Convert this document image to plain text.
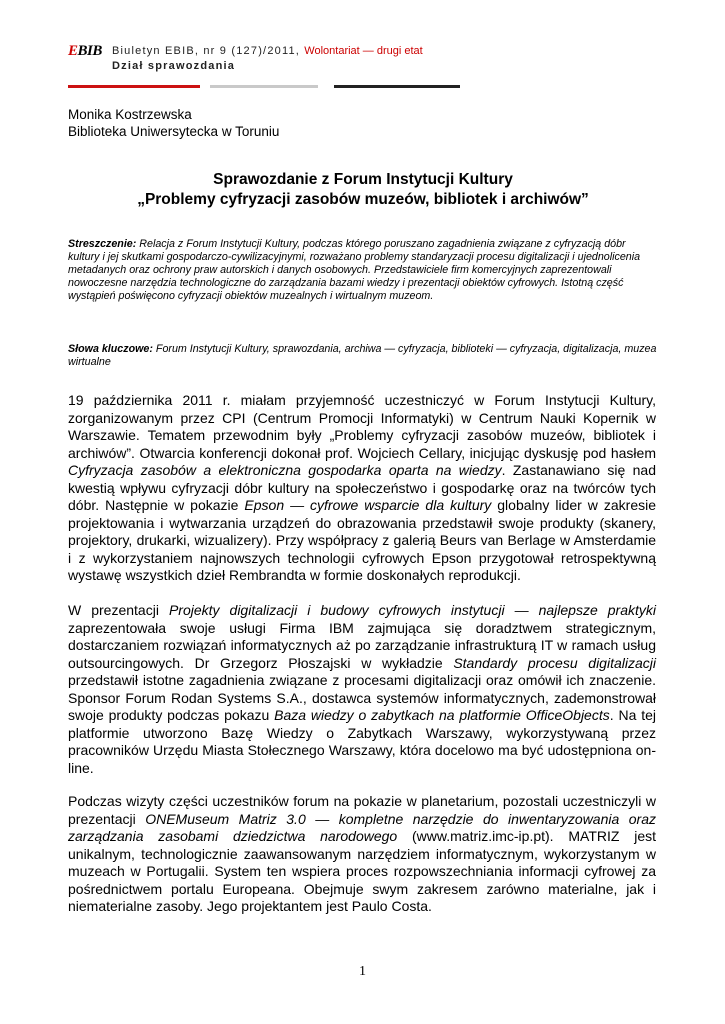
EBIB Biuletyn EBIB, nr 9 (127)/2011, Wolontariat — drugi etat
Dział sprawozdania
Monika Kostrzewska
Biblioteka Uniwersytecka w Toruniu
Sprawozdanie z Forum Instytucji Kultury
„Problemy cyfryzacji zasobów muzeów, bibliotek i archiwów”

Streszczenie: Relacja z Forum Instytucji Kultury, podczas którego poruszano zagadnienia związane z cyfryzacją dóbr kultury i jej skutkami gospodarczo-cywilizacyjnymi, rozważano problemy standaryzacji procesu digitalizacji i ujednolicenia metadanych oraz ochrony praw autorskich i danych osobowych. Przedstawiciele firm komercyjnych zaprezentowali nowoczesne narzędzia technologiczne do zarządzania bazami wiedzy i prezentacji obiektów cyfrowych. Istotną część wystąpień poświęcono cyfryzacji obiektów muzealnych i wirtualnym muzeom.

Słowa kluczowe: Forum Instytucji Kultury, sprawozdania, archiwa — cyfryzacja, biblioteki — cyfryzacja, digitalizacja, muzea wirtualne

19 października 2011 r. miałam przyjemność uczestniczyć w Forum Instytucji Kultury, zorganizowanym przez CPI (Centrum Promocji Informatyki) w Centrum Nauki Kopernik w Warszawie. Tematem przewodnim były „Problemy cyfryzacji zasobów muzeów, bibliotek i archiwów”. Otwarcia konferencji dokonał prof. Wojciech Cellary, inicjując dyskusję pod hasłem Cyfryzacja zasobów a elektroniczna gospodarka oparta na wiedzy. Zastanawiano się nad kwestią wpływu cyfryzacji dóbr kultury na społeczeństwo i gospodarkę oraz na twórców tych dóbr. Następnie w pokazie Epson — cyfrowe wsparcie dla kultury globalny lider w zakresie projektowania i wytwarzania urządzeń do obrazowania przedstawił swoje produkty (skanery, projektory, drukarki, wizualizery). Przy współpracy z galerią Beurs van Berlage w Amsterdamie i z wykorzystaniem najnowszych technologii cyfrowych Epson przygotował retrospektywną wystawę wszystkich dzieł Rembrandta w formie doskonałych reprodukcji.

W prezentacji Projekty digitalizacji i budowy cyfrowych instytucji — najlepsze praktyki zaprezentowała swoje usługi Firma IBM zajmująca się doradztwem strategicznym, dostarczaniem rozwiązań informatycznych aż po zarządzanie infrastrukturą IT w ramach usług outsourcingowych. Dr Grzegorz Płoszajski w wykładzie Standardy procesu digitalizacji przedstawił istotne zagadnienia związane z procesami digitalizacji oraz omówił ich znaczenie. Sponsor Forum Rodan Systems S.A., dostawca systemów informatycznych, zademonstrował swoje produkty podczas pokazu Baza wiedzy o zabytkach na platformie OfficeObjects. Na tej platformie utworzono Bazę Wiedzy o Zabytkach Warszawy, wykorzystywaną przez pracowników Urzędu Miasta Stołecznego Warszawy, która docelowo ma być udostępniona on-line.

Podczas wizyty części uczestników forum na pokazie w planetarium, pozostali uczestniczyli w prezentacji ONEMuseum Matriz 3.0 — kompletne narzędzie do inwentaryzowania oraz zarządzania zasobami dziedzictwa narodowego (www.matriz.imc-ip.pt). MATRIZ jest unikalnym, technologicznie zaawansowanym narzędziem informatycznym, wykorzystanym w muzeach w Portugalii. System ten wspiera proces rozpowszechniania informacji cyfrowej za pośrednictwem portalu Europeana. Obejmuje swym zakresem zarówno materialne, jak i niematerialne zasoby. Jego projektantem jest Paulo Costa.

1
